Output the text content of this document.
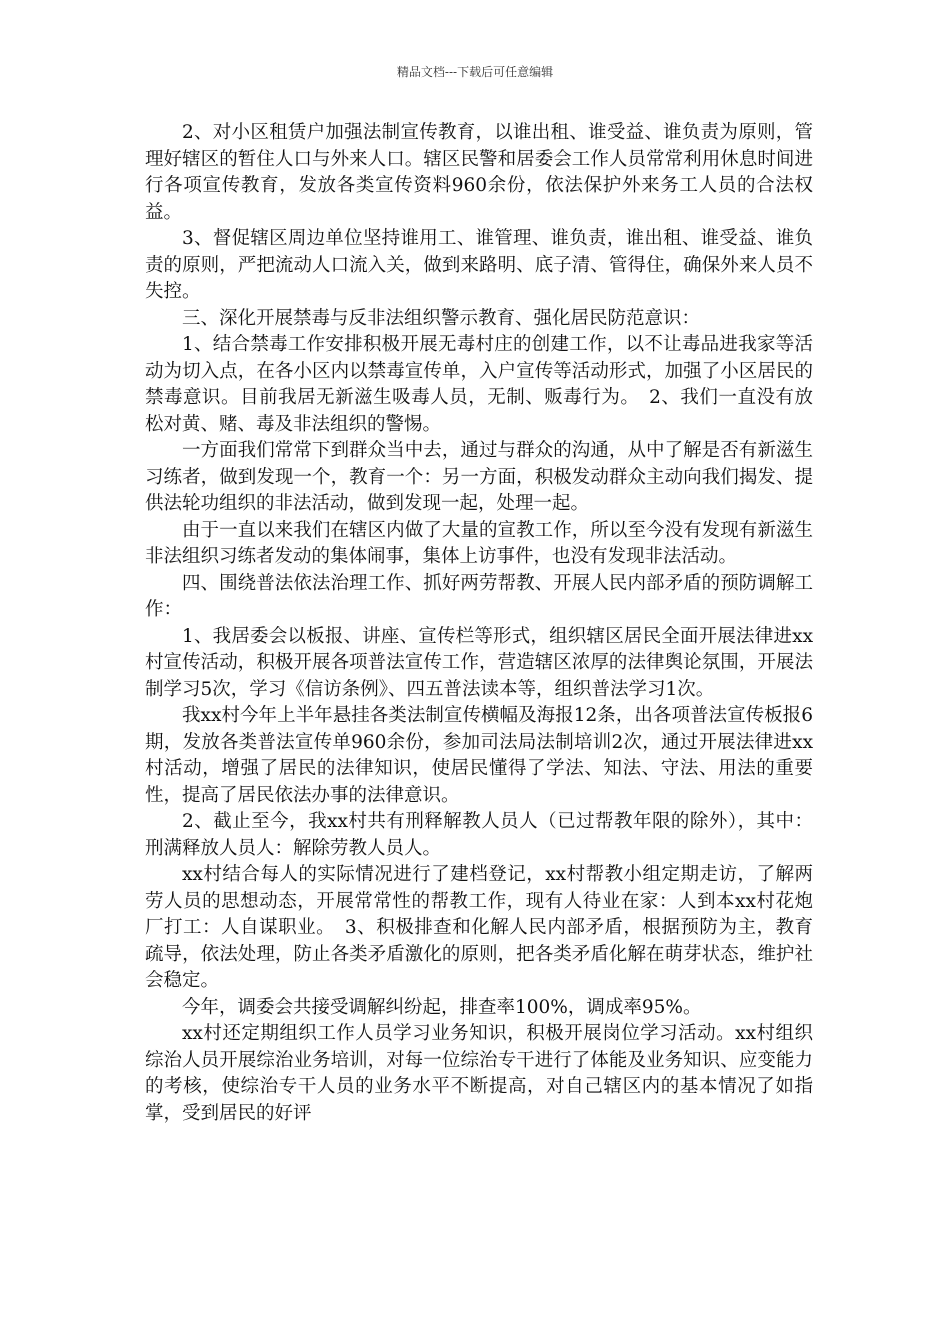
精品文档---下载后可任意编辑

2、对小区租赁户加强法制宣传教育，以谁出租、谁受益、谁负责为原则，管理好辖区的暂住人口与外来人口。辖区民警和居委会工作人员常常利用休息时间进行各项宣传教育，发放各类宣传资料960余份，依法保护外来务工人员的合法权益。

3、督促辖区周边单位坚持谁用工、谁管理、谁负责，谁出租、谁受益、谁负责的原则，严把流动人口流入关，做到来路明、底子清、管得住，确保外来人员不失控。

三、深化开展禁毒与反非法组织警示教育、强化居民防范意识：

1、结合禁毒工作安排积极开展无毒村庄的创建工作，以不让毒品进我家等活动为切入点，在各小区内以禁毒宣传单，入户宣传等活动形式，加强了小区居民的禁毒意识。目前我居无新滋生吸毒人员，无制、贩毒行为。　2、我们一直没有放松对黄、赌、毒及非法组织的警惕。

一方面我们常常下到群众当中去，通过与群众的沟通，从中了解是否有新滋生习练者，做到发现一个，教育一个：另一方面，积极发动群众主动向我们揭发、提供法轮功组织的非法活动，做到发现一起，处理一起。

由于一直以来我们在辖区内做了大量的宣教工作，所以至今没有发现有新滋生非法组织习练者发动的集体闹事，集体上访事件，也没有发现非法活动。

四、围绕普法依法治理工作、抓好两劳帮教、开展人民内部矛盾的预防调解工作：

1、我居委会以板报、讲座、宣传栏等形式，组织辖区居民全面开展法律进xx村宣传活动，积极开展各项普法宣传工作，营造辖区浓厚的法律舆论氛围，开展法制学习5次，学习《信访条例》、四五普法读本等，组织普法学习1次。

我xx村今年上半年悬挂各类法制宣传横幅及海报12条，出各项普法宣传板报6期，发放各类普法宣传单960余份，参加司法局法制培训2次，通过开展法律进xx村活动，增强了居民的法律知识，使居民懂得了学法、知法、守法、用法的重要性，提高了居民依法办事的法律意识。

2、截止至今，我xx村共有刑释解教人员人（已过帮教年限的除外），其中：刑满释放人员人：解除劳教人员人。

xx村结合每人的实际情况进行了建档登记，xx村帮教小组定期走访，了解两劳人员的思想动态，开展常常性的帮教工作，现有人待业在家：人到本xx村花炮厂打工：人自谋职业。　3、积极排查和化解人民内部矛盾，根据预防为主，教育疏导，依法处理，防止各类矛盾激化的原则，把各类矛盾化解在萌芽状态，维护社会稳定。

今年，调委会共接受调解纠纷起，排查率100%，调成率95%。

xx村还定期组织工作人员学习业务知识，积极开展岗位学习活动。xx村组织综治人员开展综治业务培训，对每一位综治专干进行了体能及业务知识、应变能力的考核，使综治专干人员的业务水平不断提高，对自己辖区内的基本情况了如指掌，受到居民的好评
